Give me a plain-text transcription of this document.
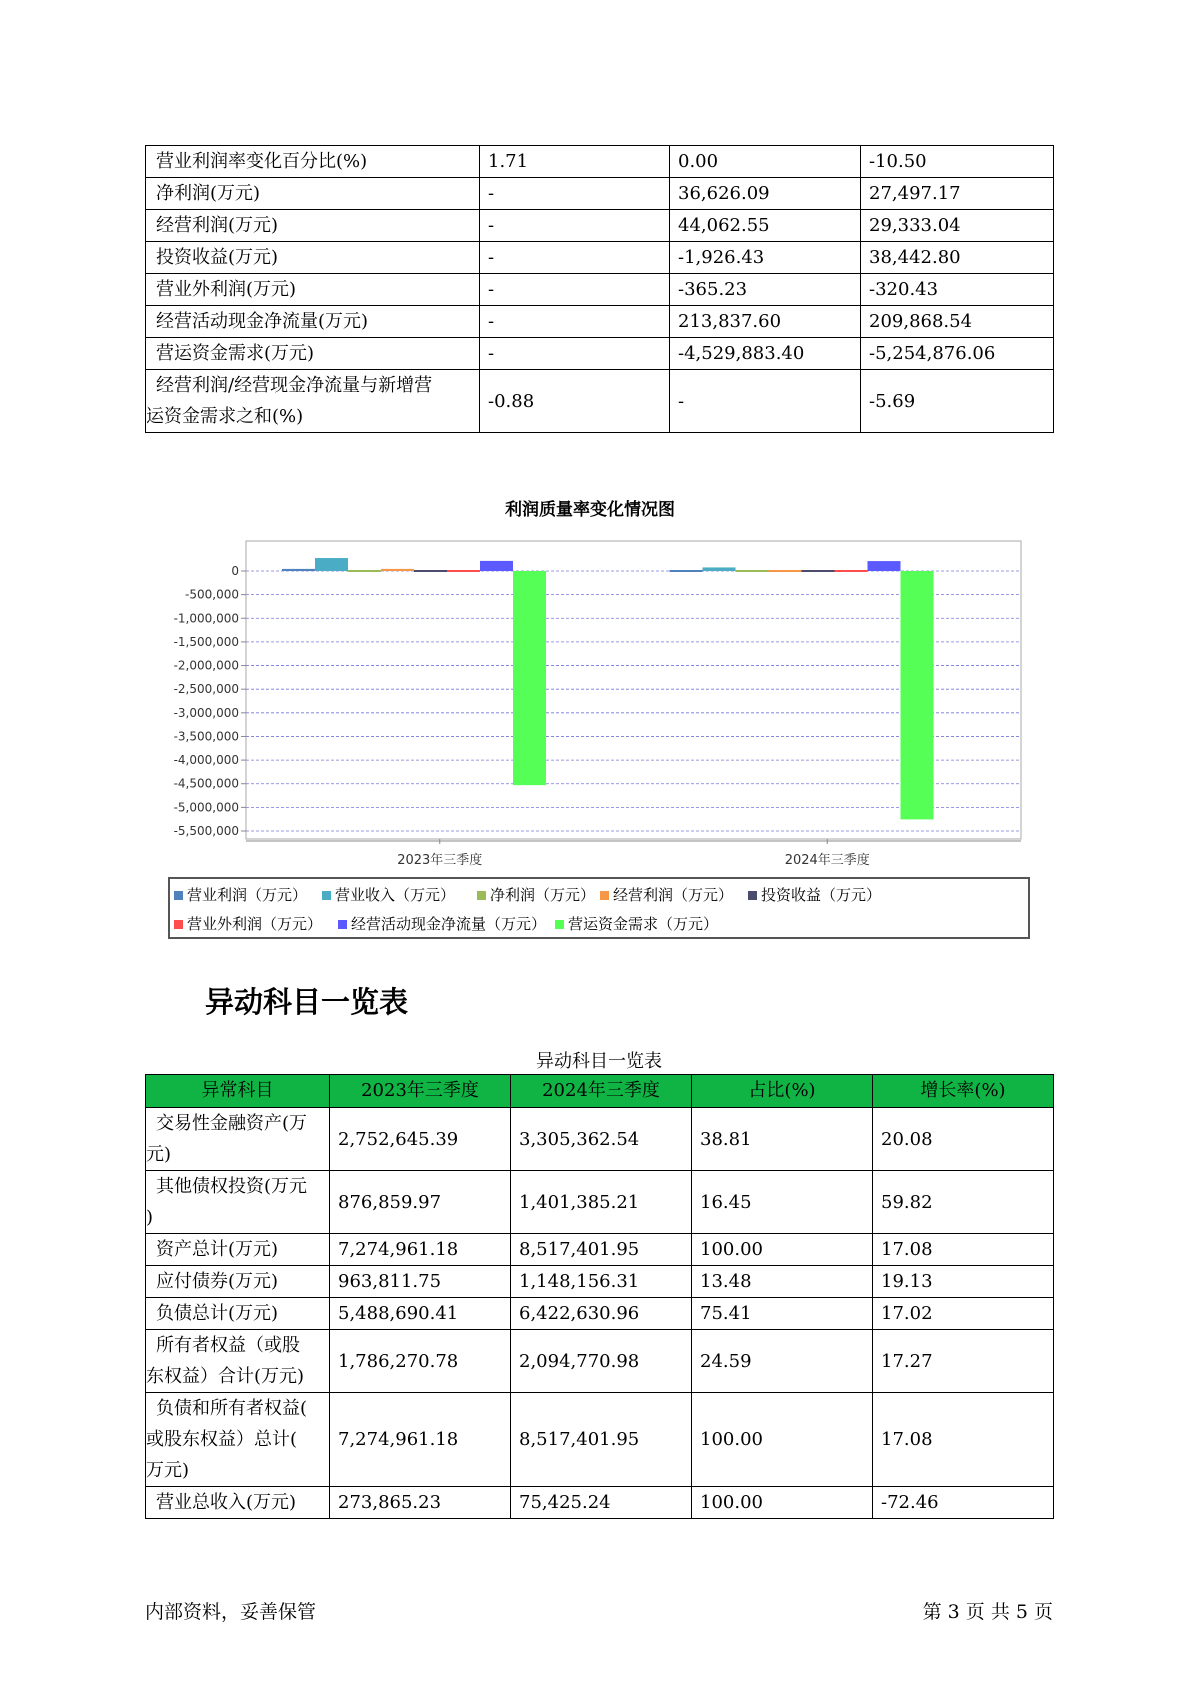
营业利润率变化百分比(%)	1.71	0.00	-10.50
净利润(万元)	-	36,626.09	27,497.17
经营利润(万元)	-	44,062.55	29,333.04
投资收益(万元)	-	-1,926.43	38,442.80
营业外利润(万元)	-	-365.23	-320.43
经营活动现金净流量(万元)	-	213,837.60	209,868.54
营运资金需求(万元)	-	-4,529,883.40	-5,254,876.06

经营利润/经营现金净流量与新增营
运资金需求之和(%)	-0.88	-	-5.69
利润质量率变化情况图
0
-500,000
-1,000,000
-1,500,000
-2,000,000
-2,500,000
-3,000,000
-3,500,000
-4,000,000
-4,500,000
-5,000,000
-5,500,000
2023年三季度	2024年三季度
营业利润（万元）	营业收入（万元）	净利润（万元）	经营利润（万元）	投资收益（万元）
营业外利润（万元）	经营活动现金净流量（万元）	营运资金需求（万元）
异动科目一览表
异动科目一览表
异常科目	2023年三季度	2024年三季度	占比(%)	增长率(%)

交易性金融资产(万
元)	2,752,645.39	3,305,362.54	38.81	20.08

其他债权投资(万元
)	876,859.97	1,401,385.21	16.45	59.82

资产总计(万元)	7,274,961.18	8,517,401.95	100.00	17.08

应付债券(万元)	963,811.75	1,148,156.31	13.48	19.13

负债总计(万元)	5,488,690.41	6,422,630.96	75.41	17.02

所有者权益（或股
东权益）合计(万元)	1,786,270.78	2,094,770.98	24.59	17.27

负债和所有者权益(
或股东权益）总计(
万元)	7,274,961.18	8,517,401.95	100.00	17.08

营业总收入(万元)	273,865.23	75,425.24	100.00	-72.46
内部资料，妥善保管	第 3 页 共 5 页
